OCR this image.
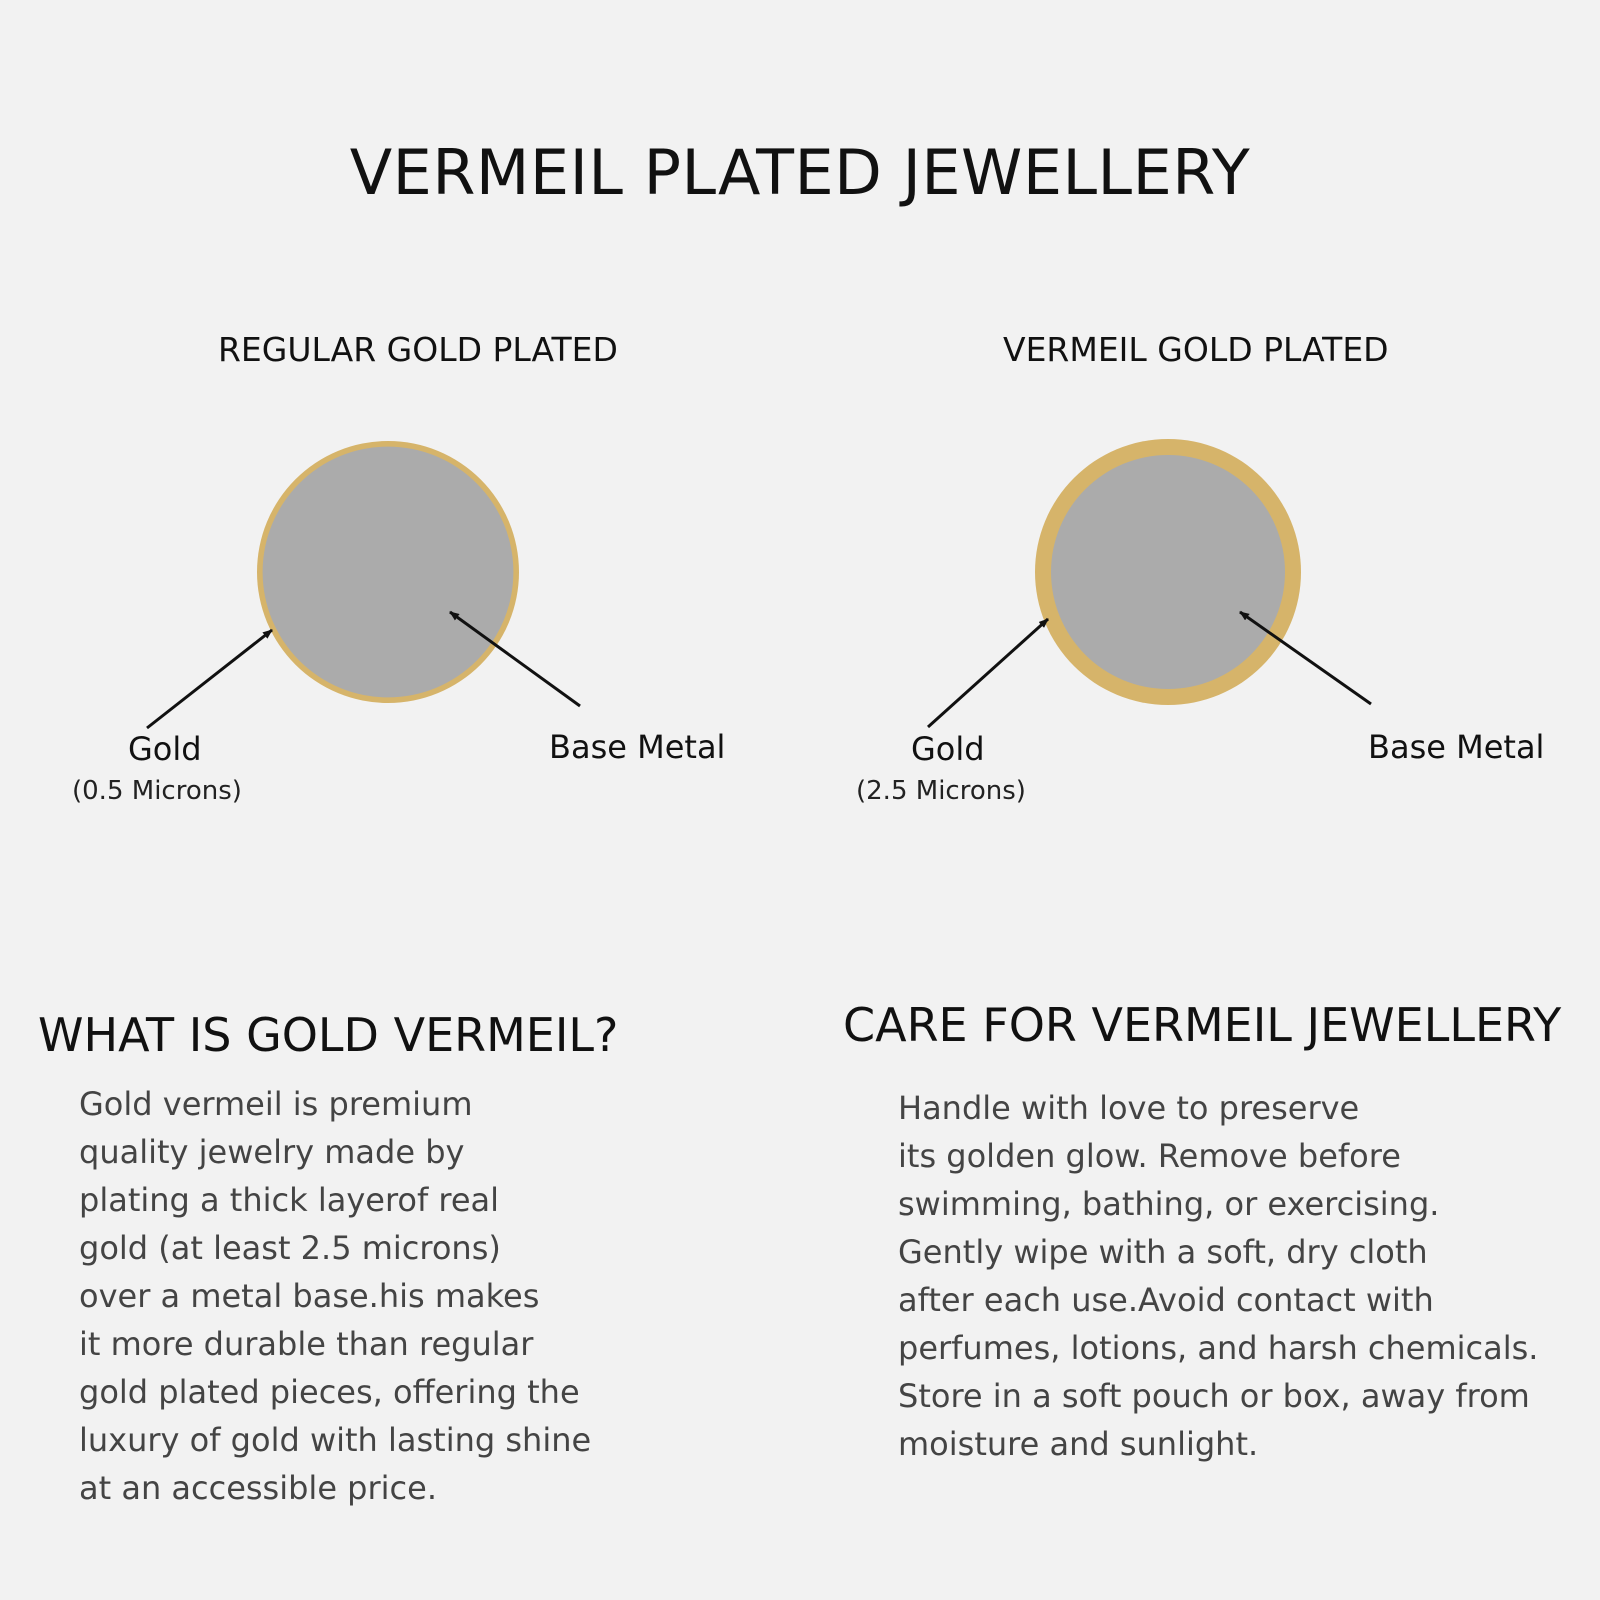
VERMEIL PLATED JEWELLERY
REGULAR GOLD PLATED	VERMEIL GOLD PLATED
Gold
(0.5 Microns)
Base Metal	Gold
(2.5 Microns)
Base Metal
WHAT IS GOLD VERMEIL?
Gold vermeil is premium
quality jewelry made by
plating a thick layerof real
gold (at least 2.5 microns)
over a metal base.his makes
it more durable than regular
gold plated pieces, offering the
luxury of gold with lasting shine
at an accessible price.
CARE FOR VERMEIL JEWELLERY
Handle with love to preserve
its golden glow. Remove before
swimming, bathing, or exercising.
Gently wipe with a soft, dry cloth
after each use.Avoid contact with
perfumes, lotions, and harsh chemicals.
Store in a soft pouch or box, away from
moisture and sunlight.
